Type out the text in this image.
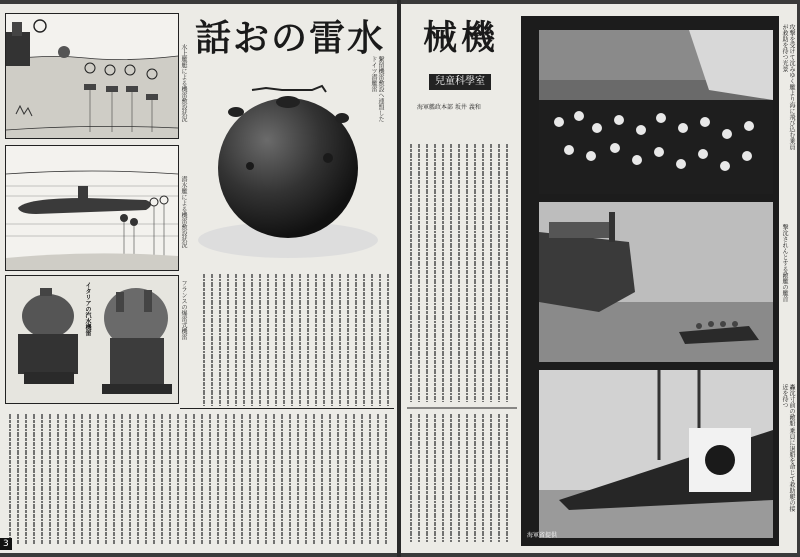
水上艦艇による機雷敷設状況
潜水艦による機雷敷設状況
イタリアの汽水機雷	フランスの爆雷式機雷
話おの雷水
繫留機雷敷設へ連盟したドイツ潜艦雷
3
械機
兒童科學室
海軍艦政本部 坂井 義和	攻撃を受けて沈みゆく艦より海に飛び込む乗員が救助を待つ光景
撃沈されんとする敵艦の艦首
轟沈寸前の敵船 乗員に退船を命じて救助艇の接近を待つ
海軍省提供
